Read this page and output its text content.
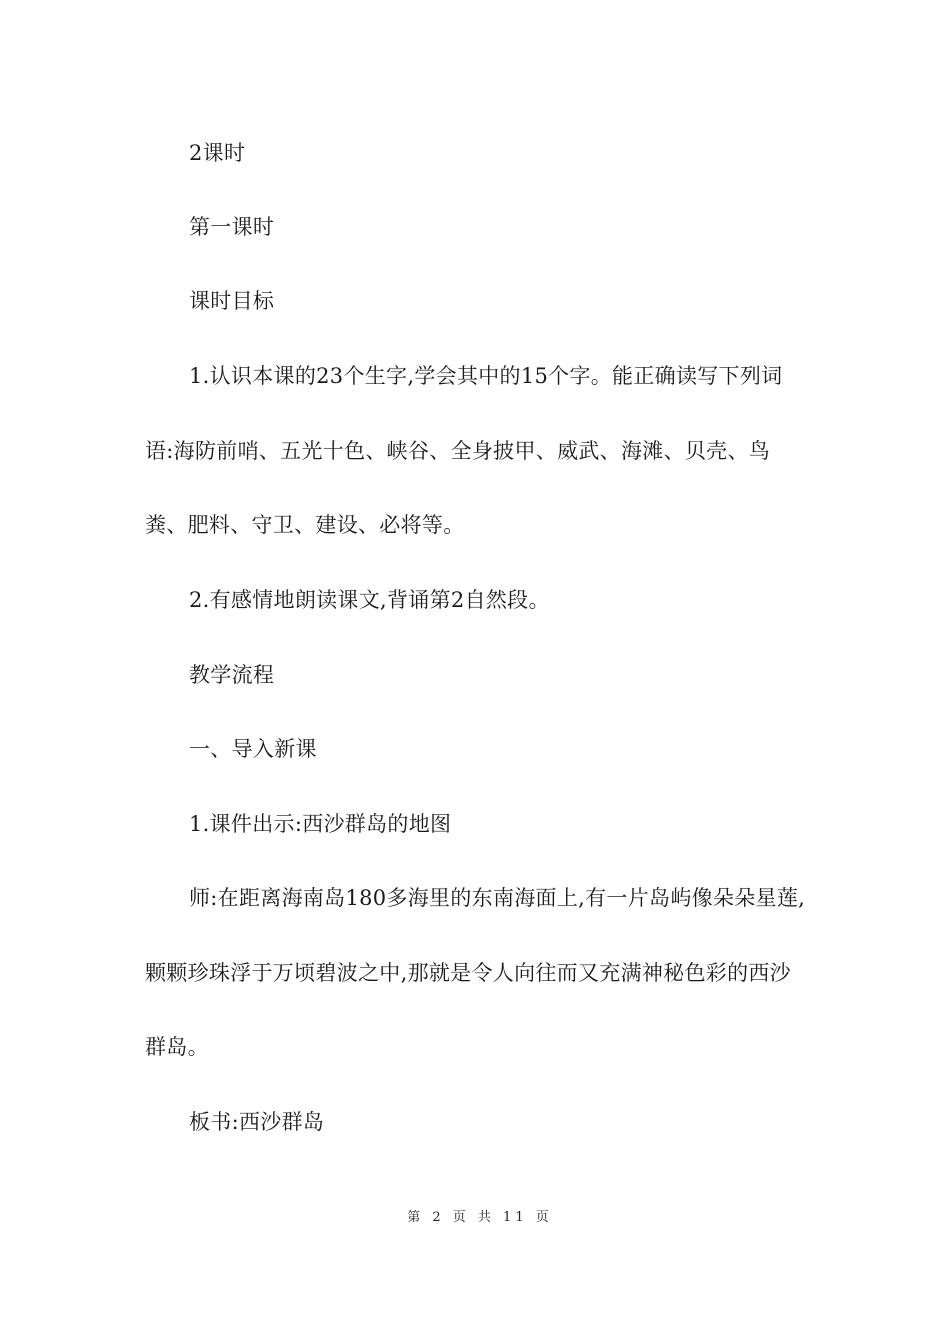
2课时

第一课时

课时目标

1.认识本课的23个生字,学会其中的15个字。能正确读写下列词语:海防前哨、五光十色、峡谷、全身披甲、威武、海滩、贝壳、鸟粪、肥料、守卫、建设、必将等。

2.有感情地朗读课文,背诵第2自然段。

教学流程

一、导入新课

1.课件出示:西沙群岛的地图

师:在距离海南岛180多海里的东南海面上,有一片岛屿像朵朵星莲,颗颗珍珠浮于万顷碧波之中,那就是令人向往而又充满神秘色彩的西沙群岛。

板书:西沙群岛

第 2 页 共 11 页
